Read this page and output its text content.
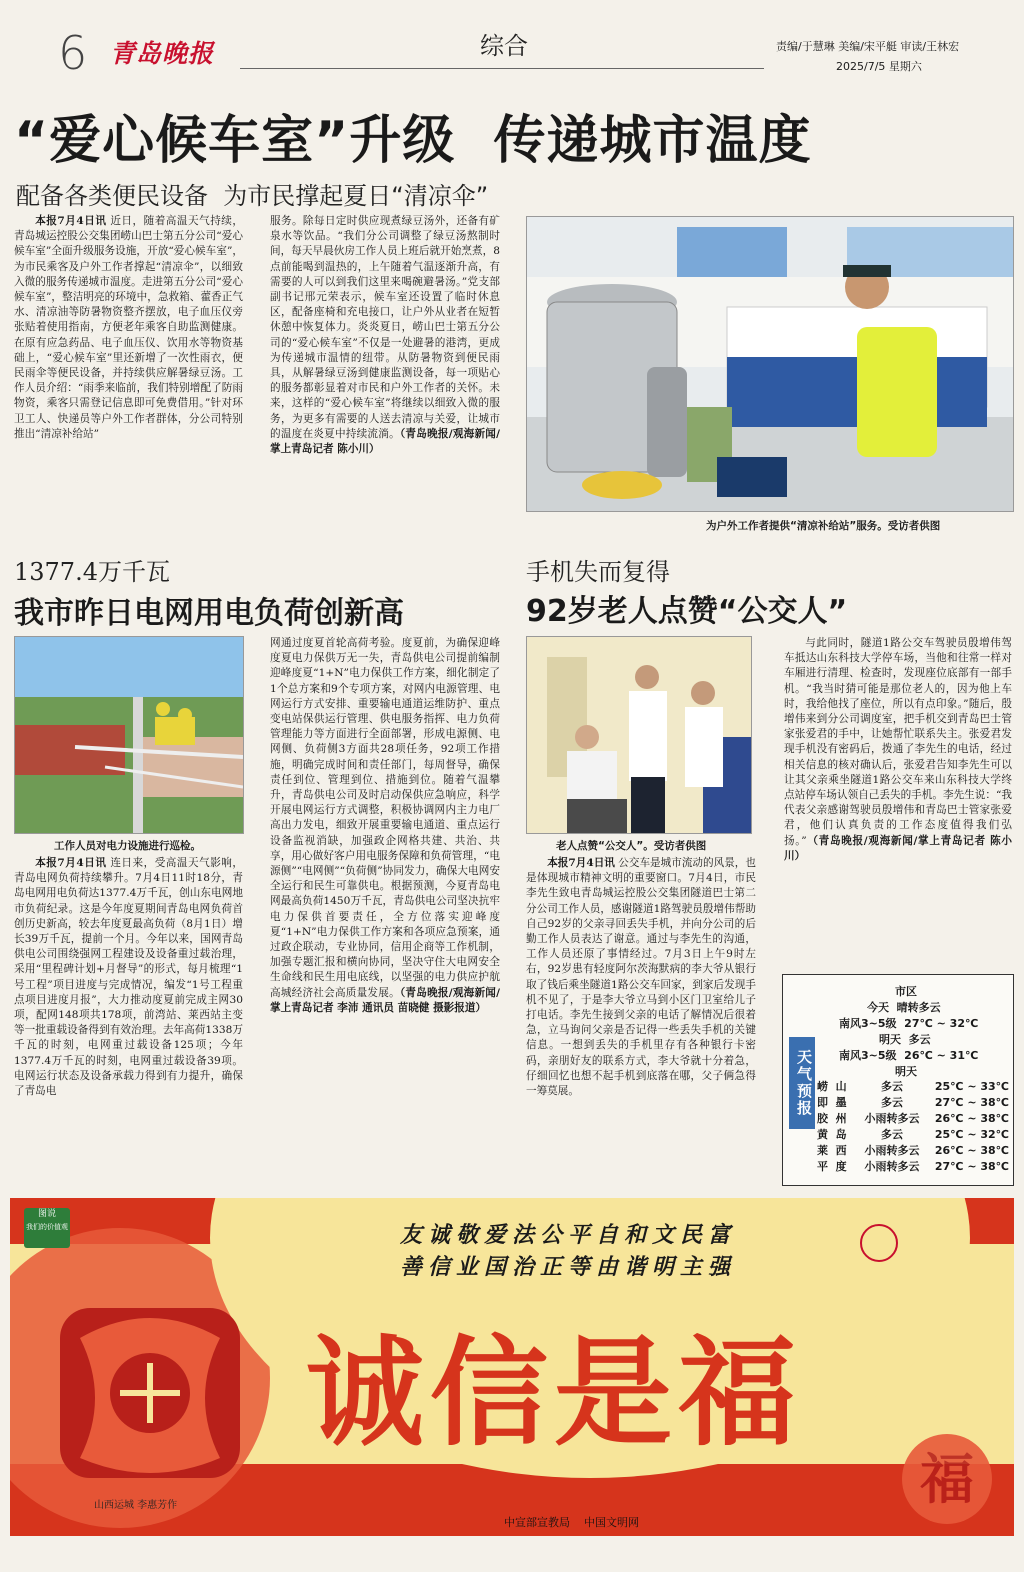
6 青岛晚报	综合	责编/于慧琳 美编/宋平艇 审读/王林宏
2025/7/5 星期六
“爱心候车室”升级  传递城市温度
配备各类便民设备  为市民撑起夏日“清凉伞”

本报7月4日讯 近日，随着高温天气持续，青岛城运控股公交集团崂山巴士第五分公司“爱心候车室”全面升级服务设施，开放“爱心候车室”，为市民乘客及户外工作者撑起“清凉伞”，以细致入微的服务传递城市温度。走进第五分公司“爱心候车室”，整洁明亮的环境中，急救箱、藿香正气水、清凉油等防暑物资整齐摆放，电子血压仪旁张贴着使用指南，方便老年乘客自助监测健康。在原有应急药品、电子血压仪、饮用水等物资基础上，“爱心候车室”里还新增了一次性雨衣，便民雨伞等便民设备，并持续供应解暑绿豆汤。工作人员介绍：“雨季来临前，我们特别增配了防雨物资，乘客只需登记信息即可免费借用。”针对环卫工人、快递员等户外工作者群体，分公司特别推出“清凉补给站”

服务。除每日定时供应现煮绿豆汤外，还备有矿泉水等饮品。“我们分公司调整了绿豆汤熬制时间，每天早晨伙房工作人员上班后就开始烹煮，8点前能喝到温热的，上午随着气温逐渐升高，有需要的人可以到我们这里来喝碗避暑汤。”党支部副书记邢元荣表示，候车室还设置了临时休息区，配备座椅和充电接口，让户外从业者在短暂休憩中恢复体力。炎炎夏日，崂山巴士第五分公司的“爱心候车室”不仅是一处避暑的港湾，更成为传递城市温情的纽带。从防暑物资到便民雨具，从解暑绿豆汤到健康监测设备，每一项贴心的服务都彰显着对市民和户外工作者的关怀。未来，这样的“爱心候车室”将继续以细致入微的服务，为更多有需要的人送去清凉与关爱，让城市的温度在炎夏中持续流淌。（青岛晚报/观海新闻/掌上青岛记者 陈小川）

为户外工作者提供“清凉补给站”服务。受访者供图
1377.4万千瓦
我市昨日电网用电负荷创新高
工作人员对电力设施进行巡检。

本报7月4日讯 连日来，受高温天气影响，青岛电网负荷持续攀升。7月4日11时18分，青岛电网用电负荷达1377.4万千瓦，创山东电网地市负荷纪录。这是今年度夏期间青岛电网负荷首创历史新高，较去年度夏最高负荷（8月1日）增长39万千瓦，提前一个月。今年以来，国网青岛供电公司围绕强网工程建设及设备重过载治理，采用“里程碑计划+月督导”的形式，每月梳理“1号工程”项目进度与完成情况，编发“1号工程重点项目进度月报”，大力推动度夏前完成主网30项，配网148项共178项，前湾站、莱西站主变等一批重载设备得到有效治理。去年高荷1338万千瓦的时刻，电网重过载设备125项；今年1377.4万千瓦的时刻，电网重过载设备39项。电网运行状态及设备承载力得到有力提升，确保了青岛电

网通过度夏首轮高荷考验。度夏前，为确保迎峰度夏电力保供万无一失，青岛供电公司提前编制迎峰度夏“1+N”电力保供工作方案，细化制定了1个总方案和9个专项方案，对网内电源管理、电网运行方式安排、重要输电通道运维防护、重点变电站保供运行管理、供电服务指挥、电力负荷管理能力等方面进行全面部署，形成电源侧、电网侧、负荷侧3方面共28项任务，92项工作措施，明确完成时间和责任部门，每周督导，确保责任到位、管理到位、措施到位。随着气温攀升，青岛供电公司及时启动保供应急响应，科学开展电网运行方式调整，积极协调网内主力电厂高出力发电，细致开展重要输电通道、重点运行设备监视消缺，加强政企网格共建、共治、共享，用心做好客户用电服务保障和负荷管理，“电源侧”“电网侧”“负荷侧”协同发力，确保大电网安全运行和民生可靠供电。根据预测，今夏青岛电网最高负荷1450万千瓦，青岛供电公司坚决抗牢电力保供首要责任，全方位落实迎峰度夏“1+N”电力保供工作方案和各项应急预案，通过政企联动，专业协同，信用企商等工作机制，加强专题汇报和横向协同，坚决守住大电网安全生命线和民生用电底线，以坚强的电力供应护航高城经济社会高质量发展。（青岛晚报/观海新闻/掌上青岛记者 李沛 通讯员 苗晓健 摄影报道）

手机失而复得
92岁老人点赞“公交人”
老人点赞“公交人”。受访者供图

本报7月4日讯 公交车是城市流动的风景，也是体现城市精神文明的重要窗口。7月4日，市民李先生致电青岛城运控股公交集团隧道巴士第二分公司工作人员，感谢隧道1路驾驶员殷增伟帮助自己92岁的父亲寻回丢失手机，并向分公司的后勤工作人员表达了谢意。通过与李先生的沟通，工作人员还原了事情经过。7月3日上午9时左右，92岁患有轻度阿尔茨海默病的李大爷从银行取了钱后乘坐隧道1路公交车回家，到家后发现手机不见了，于是李大爷立马到小区门卫室给儿子打电话。李先生接到父亲的电话了解情况后很着急，立马询问父亲是否记得一些丢失手机的关键信息。一想到丢失的手机里存有各种银行卡密码，亲朋好友的联系方式，李大爷就十分着急，仔细回忆也想不起手机到底落在哪，父子俩急得一筹莫展。

与此同时，隧道1路公交车驾驶员殷增伟驾车抵达山东科技大学停车场，当他和往常一样对车厢进行清理、检查时，发现座位底部有一部手机。“我当时猜可能是那位老人的，因为他上车时，我给他找了座位，所以有点印象。”随后，殷增伟来到分公司调度室，把手机交到青岛巴士管家张爱君的手中，让她帮忙联系失主。张爱君发现手机没有密码后，拨通了李先生的电话，经过相关信息的核对确认后，张爱君告知李先生可以让其父亲乘坐隧道1路公交车来山东科技大学终点站停车场认领自己丢失的手机。李先生说：“我代表父亲感谢驾驶员殷增伟和青岛巴士管家张爱君，他们认真负责的工作态度值得我们弘扬。”（青岛晚报/观海新闻/掌上青岛记者 陈小川）

天气预报
市区
今天  晴转多云
南风3~5级  27℃ ~ 32℃
明天  多云
南风3~5级  26℃ ~ 31℃
明天
崂  山	多云	25℃ ~ 33℃
即  墨	多云	27℃ ~ 38℃
胶  州	小雨转多云	26℃ ~ 38℃
黄  岛	多云	25℃ ~ 32℃
莱  西	小雨转多云	26℃ ~ 38℃
平  度	小雨转多云	27℃ ~ 38℃
图说
我们的价值观	友诚敬爱法公平自和文民富
善信业国治正等由谐明主强
诚信是福
山西运城 李惠芳作	福
中宣部宣教局    中国文明网
